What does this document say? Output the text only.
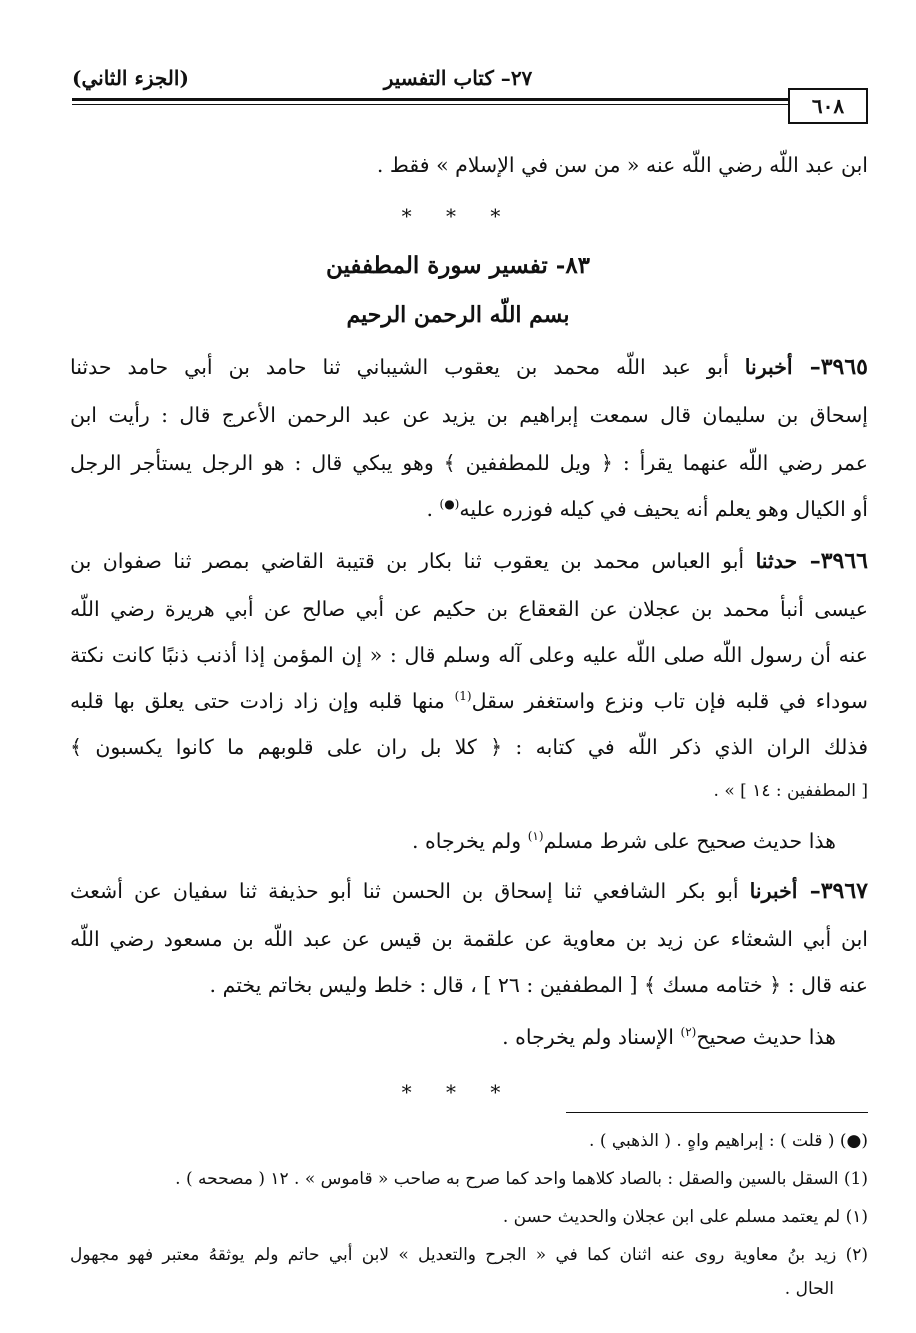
(الجزء الثاني)	٢٧– كتاب التفسير
٦٠٨
ابن عبد اللّه رضي اللّه عنه « من سن في الإسلام » فقط .
* * *
٨٣- تفسير سورة المطففين
بسم اللّه الرحمن الرحيم
٣٩٦٥– أخبرنا أبو عبد اللّه محمد بن يعقوب الشيباني ثنا حامد بن أبي حامد حدثنا
إسحاق بن سليمان قال سمعت إبراهيم بن يزيد عن عبد الرحمن الأعرج قال : رأيت ابن
عمر رضي اللّه عنهما يقرأ : ﴿ ويل للمطففين ﴾ وهو يبكي قال : هو الرجل يستأجر الرجل
أو الكيال وهو يعلم أنه يحيف في كيله فوزره عليه(●) .
٣٩٦٦– حدثنا أبو العباس محمد بن يعقوب ثنا بكار بن قتيبة القاضي بمصر ثنا صفوان بن
عيسى أنبأ محمد بن عجلان عن القعقاع بن حكيم عن أبي صالح عن أبي هريرة رضي اللّه
عنه أن رسول اللّه صلى اللّه عليه وعلى آله وسلم قال : « إن المؤمن إذا أذنب ذنبًا كانت نكتة
سوداء في قلبه فإن تاب ونزع واستغفر سقل$^{(1)}$ منها قلبه وإن زاد زادت حتى يعلق بها قلبه
فذلك الران الذي ذكر اللّه في كتابه : ﴿ كلا بل ران على قلوبهم ما كانوا يكسبون ﴾
[ المطففين : ١٤ ] » .
هذا حديث صحيح على شرط مسلم$^{(١)}$ ولم يخرجاه .
٣٩٦٧– أخبرنا أبو بكر الشافعي ثنا إسحاق بن الحسن ثنا أبو حذيفة ثنا سفيان عن أشعث
ابن أبي الشعثاء عن زيد بن معاوية عن علقمة بن قيس عن عبد اللّه بن مسعود رضي اللّه
عنه قال : ﴿ ختامه مسك ﴾ [ المطففين : ٢٦ ] ، قال : خلط وليس بخاتم يختم .
هذا حديث صحيح$^{(٢)}$ الإسناد ولم يخرجاه .
* * *
(●) ( قلت ) : إبراهيم واهٍ . ( الذهبي ) .
(1) السقل بالسين والصقل : بالصاد كلاهما واحد كما صرح به صاحب « قاموس » . ١٢ ( مصححه ) .
(١) لم يعتمد مسلم على ابن عجلان والحديث حسن .
(٢) زيد بنُ معاوية روى عنه اثنان كما في « الجرح والتعديل » لابن أبي حاتم ولم يوثقهُ معتبر فهو مجهول
الحال .
